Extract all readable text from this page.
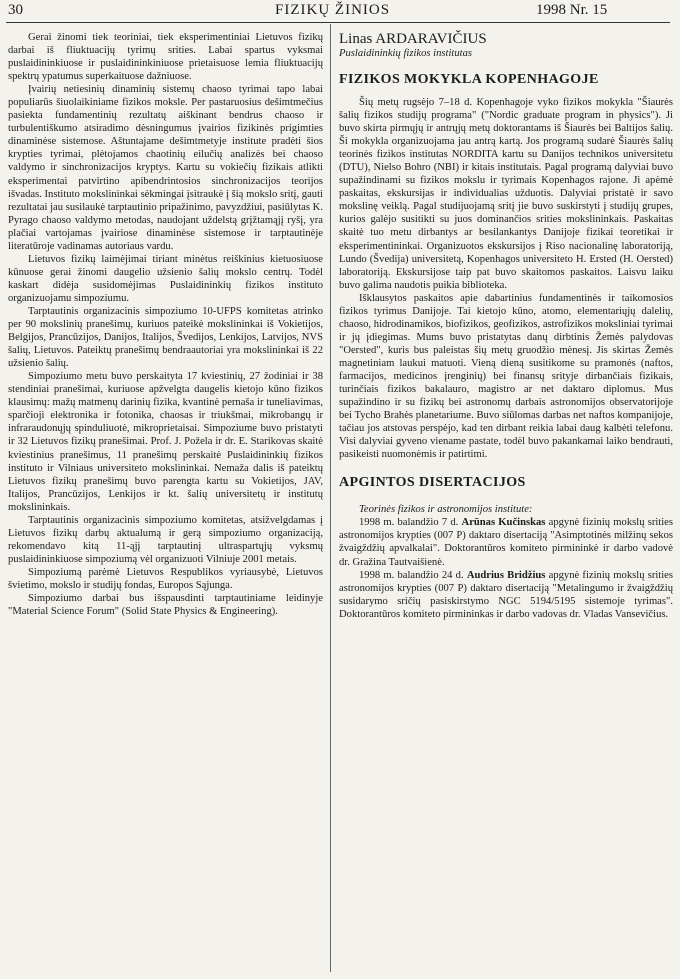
30	FIZIKŲ ŽINIOS	1998 Nr. 15

Gerai žinomi tiek teoriniai, tiek eksperimentiniai Lietuvos fizikų darbai iš fliuktuacijų tyrimų srities. Labai spartus vyksmai puslaidininkiuose ir puslaidininkiniuose prietaisuose lemia fliuktuacijų spektrų ypatumus superkaituose dažniuose.

Įvairių netiesinių dinaminių sistemų chaoso tyrimai tapo labai populiarūs šiuolaikiniame fizikos moksle. Per pastaruosius dešimtmečius pasiekta fundamentinių rezultatų aiškinant bendrus chaoso ir turbulentiškumo atsiradimo dėsningumus įvairios fizikinės prigimties dinaminėse sistemose. Aštuntajame dešimtmetyje institute pradėti šios krypties tyrimai, plėtojamos chaotinių eilučių analizės bei chaoso valdymo ir sinchronizacijos kryptys. Kartu su vokiečių fizikais atlikti eksperimentai patvirtino apibendrintosios sinchronizacijos teorijos išvadas. Instituto mokslininkai sėkmingai įsitraukė į šią mokslo sritį, gauti rezultatai jau susilaukė tarptautinio pripažinimo, pavyzdžiui, pasiūlytas K. Pyrago chaoso valdymo metodas, naudojant uždelstą grįžtamąjį ryšį, yra plačiai vartojamas įvairiose dinaminėse sistemose ir tarptautinėje literatūroje vadinamas autoriaus vardu.

Lietuvos fizikų laimėjimai tiriant minėtus reiškinius kietuosiuose kūnuose gerai žinomi daugelio užsienio šalių mokslo centrų. Todėl kaskart didėja susidomėjimas Puslaidininkių fizikos instituto organizuojamu simpoziumu.

Tarptautinis organizacinis simpoziumo 10-UFPS komitetas atrinko per 90 mokslinių pranešimų, kuriuos pateikė mokslininkai iš Vokietijos, Belgijos, Prancūzijos, Danijos, Italijos, Švedijos, Lenkijos, Latvijos, NVS šalių, Lietuvos. Pateiktų pranešimų bendraautoriai yra mokslininkai iš 22 užsienio šalių.

Simpoziumo metu buvo perskaityta 17 kviestinių, 27 žodiniai ir 38 stendiniai pranešimai, kuriuose apžvelgta daugelis kietojo kūno fizikos klausimų: mažų matmenų darinių fizika, kvantinė pernaša ir tuneliavimas, sparčioji elektronika ir fotonika, chaosas ir triukšmai, mikrobangų ir infraraudonųjų spinduliuotė, mikroprietaisai. Simpoziume buvo pristatyti ir 32 Lietuvos fizikų pranešimai. Prof. J. Požela ir dr. E. Starikovas skaitė kviestinius pranešimus, 11 pranešimų perskaitė Puslaidininkių fizikos instituto ir Vilniaus universiteto mokslininkai. Nemaža dalis iš pateiktų Lietuvos fizikų pranešimų buvo parengta kartu su Vokietijos, JAV, Italijos, Prancūzijos, Lenkijos ir kt. šalių universitetų ir institutų mokslininkais.

Tarptautinis organizacinis simpoziumo komitetas, atsižvelgdamas į Lietuvos fizikų darbų aktualumą ir gerą simpoziumo organizaciją, rekomendavo kitą 11-ąjį tarptautinį ultraspartųjų vyksmų puslaidininkiuose simpoziumą vėl organizuoti Vilniuje 2001 metais.

Simpoziumą parėmė Lietuvos Respublikos vyriausybė, Lietuvos švietimo, mokslo ir studijų fondas, Europos Sąjunga.

Simpoziumo darbai bus išspausdinti tarptautiniame leidinyje "Material Science Forum" (Solid State Physics & Engineering).

Linas ARDARAVIČIUS
Puslaidininkių fizikos institutas
FIZIKOS MOKYKLA KOPENHAGOJE

Šių metų rugsėjo 7–18 d. Kopenhagoje vyko fizikos mokykla "Šiaurės šalių fizikos studijų programa" ("Nordic graduate program in physics"). Ji buvo skirta pirmųjų ir antrųjų metų doktorantams iš Šiaurės bei Baltijos šalių. Ši mokykla organizuojama jau antrą kartą. Jos programą sudarė Šiaurės šalių teorinės fizikos institutas NORDITA kartu su Danijos technikos universitetu (DTU), Nielso Bohro (NBI) ir kitais institutais. Pagal programą dalyviai buvo supažindinami su fizikos mokslu ir tyrimais Kopenhagos rajone. Ji apėmė paskaitas, ekskursijas ir individualias užduotis. Dalyviai pristatė ir savo mokslinę veiklą. Pagal studijuojamą sritį jie buvo suskirstyti į studijų grupes, kurios galėjo susitikti su juos dominančios srities mokslininkais. Paskaitas skaitė tuo metu dirbantys ar besilankantys Danijoje fizikai teoretikai ir eksperimentininkai. Organizuotos ekskursijos į Riso nacionalinę laboratoriją, Lundo (Švedija) universitetą, Kopenhagos universiteto H. Ersted (H. Oersted) laboratoriją. Ekskursijose taip pat buvo skaitomos paskaitos. Laisvu laiku buvo galima naudotis puikia biblioteka.

Išklausytos paskaitos apie dabartinius fundamentinės ir taikomosios fizikos tyrimus Danijoje. Tai kietojo kūno, atomo, elementariųjų dalelių, chaoso, hidrodinamikos, biofizikos, geofizikos, astrofizikos moksliniai tyrimai ir jų įdiegimas. Mums buvo pristatytas danų dirbtinis Žemės palydovas "Oersted", kuris bus paleistas šių metų gruodžio mėnesį. Jis skirtas Žemės magnetiniam laukui matuoti. Vieną dieną susitikome su pramonės (naftos, farmacijos, medicinos įrenginių) bei finansų srityje dirbančiais fizikais, turinčiais fizikos bakalauro, magistro ar net daktaro diplomus. Mus supažindino ir su fizikų bei astronomų darbais astronomijos observatorijoje bei Tycho Brahės planetariume. Buvo siūlomas darbas net naftos kompanijoje, tačiau jos atstovas perspėjo, kad ten dirbant reikia labai daug kalbėti telefonu. Visi dalyviai gyveno viename pastate, todėl buvo pakankamai laiko bendrauti, pasikeisti nuomonėmis ir patirtimi.

APGINTOS DISERTACIJOS

Teorinės fizikos ir astronomijos institute:

1998 m. balandžio 7 d. Arūnas Kučinskas apgynė fizinių mokslų srities astronomijos krypties (007 P) daktaro disertaciją "Asimptotinės milžinų sekos žvaigždžių apvalkalai". Doktorantūros komiteto pirmininkė ir darbo vadovė dr. Gražina Tautvaišienė.

1998 m. balandžio 24 d. Audrius Bridžius apgynė fizinių mokslų srities astronomijos krypties (007 P) daktaro disertaciją "Metalingumo ir žvaigždžių susidarymo sričių pasiskirstymo NGC 5194/5195 sistemoje tyrimas". Doktorantūros komiteto pirmininkas ir darbo vadovas dr. Vladas Vansevičius.
